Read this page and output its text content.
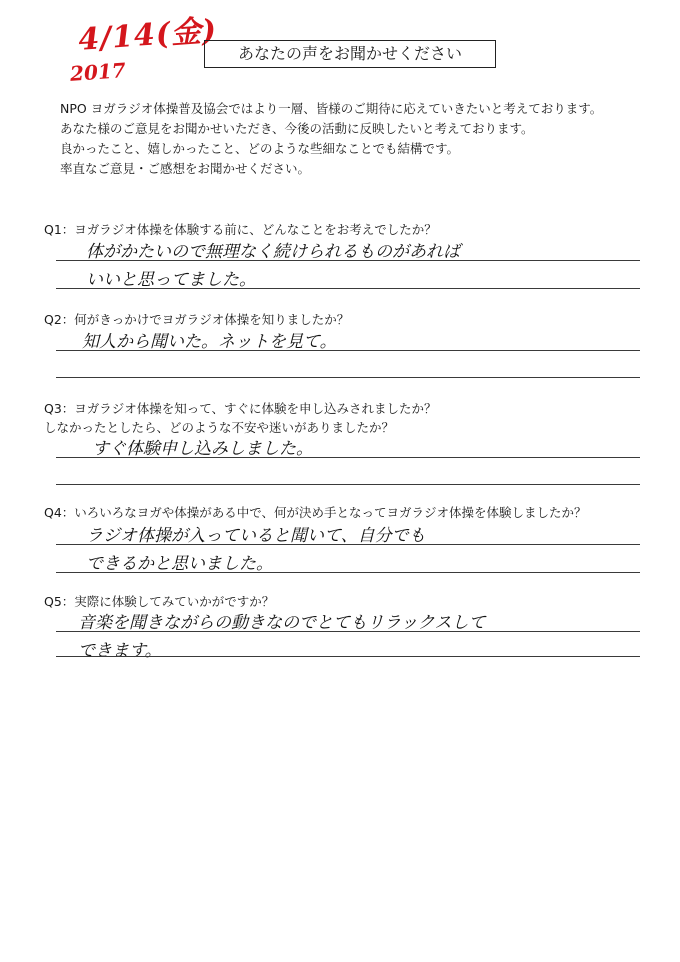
4/14(金)
2017
あなたの声をお聞かせください
NPO ヨガラジオ体操普及協会ではより一層、皆様のご期待に応えていきたいと考えております。
あなた様のご意見をお聞かせいただき、今後の活動に反映したいと考えております。
良かったこと、嬉しかったこと、どのような些細なことでも結構です。
率直なご意見・ご感想をお聞かせください。
Q1：ヨガラジオ体操を体験する前に、どんなことをお考えでしたか？
体がかたいので無理なく続けられるものがあれば
いいと思ってました。
Q2：何がきっかけでヨガラジオ体操を知りましたか？
知人から聞いた。ネットを見て。
Q3：ヨガラジオ体操を知って、すぐに体験を申し込みされましたか？
しなかったとしたら、どのような不安や迷いがありましたか？
すぐ体験申し込みしました。
Q4：いろいろなヨガや体操がある中で、何が決め手となってヨガラジオ体操を体験しましたか？
ラジオ体操が入っていると聞いて、自分でも
できるかと思いました。
Q5：実際に体験してみていかがですか？
音楽を聞きながらの動きなのでとてもリラックスして
できます。
